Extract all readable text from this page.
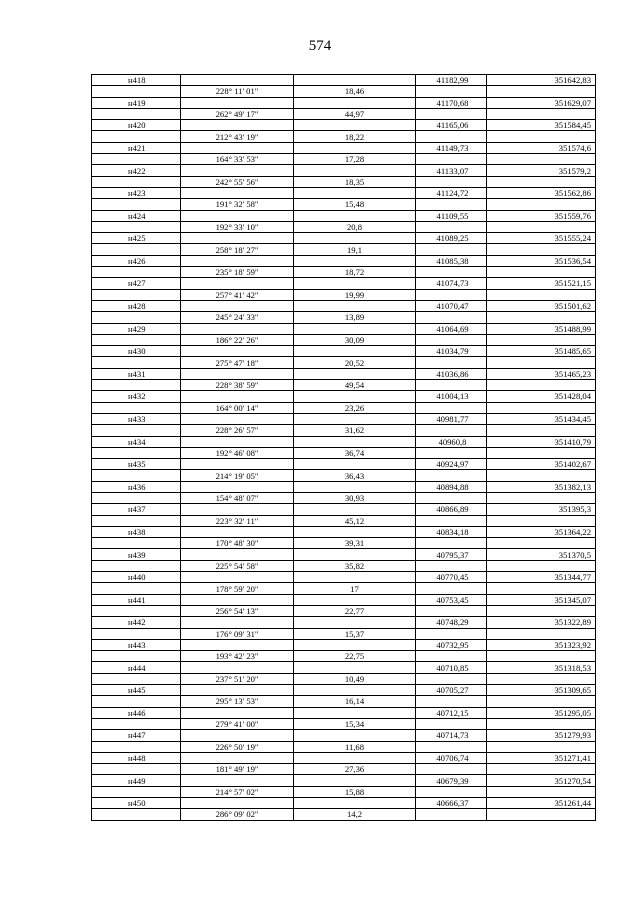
574
н418			41182,99	351642,83
	228° 11' 01"	18,46		
н419			41170,68	351629,07
	262° 49' 17"	44,97		
н420			41165,06	351584,45
	212° 43' 19"	18,22		
н421			41149,73	351574,6
	164° 33' 53"	17,28		
н422			41133,07	351579,2
	242° 55' 56"	18,35		
н423			41124,72	351562,86
	191° 32' 58"	15,48		
н424			41109,55	351559,76
	192° 33' 10"	20,8		
н425			41089,25	351555,24
	258° 18' 27"	19,1		
н426			41085,38	351536,54
	235° 18' 59"	18,72		
н427			41074,73	351521,15
	257° 41' 42"	19,99		
н428			41070,47	351501,62
	245° 24' 33"	13,89		
н429			41064,69	351488,99
	186° 22' 26"	30,09		
н430			41034,79	351485,65
	275° 47' 18"	20,52		
н431			41036,86	351465,23
	228° 38' 59"	49,54		
н432			41004,13	351428,04
	164° 00' 14"	23,26		
н433			40981,77	351434,45
	228° 26' 57"	31,62		
н434			40960,8	351410,79
	192° 46' 08"	36,74		
н435			40924,97	351402,67
	214° 19' 05"	36,43		
н436			40894,88	351382,13
	154° 48' 07"	30,93		
н437			40866,89	351395,3
	223° 32' 11"	45,12		
н438			40834,18	351364,22
	170° 48' 30"	39,31		
н439			40795,37	351370,5
	225° 54' 58"	35,82		
н440			40770,45	351344,77
	178° 59' 20"	17		
н441			40753,45	351345,07
	256° 54' 13"	22,77		
н442			40748,29	351322,89
	176° 09' 31"	15,37		
н443			40732,95	351323,92
	193° 42' 23"	22,75		
н444			40710,85	351318,53
	237° 51' 20"	10,49		
н445			40705,27	351309,65
	295° 13' 53"	16,14		
н446			40712,15	351295,05
	279° 41' 00"	15,34		
н447			40714,73	351279,93
	226° 50' 19"	11,68		
н448			40706,74	351271,41
	181° 49' 19"	27,36		
н449			40679,39	351270,54
	214° 57' 02"	15,88		
н450			40666,37	351261,44
	286° 09' 02"	14,2		
